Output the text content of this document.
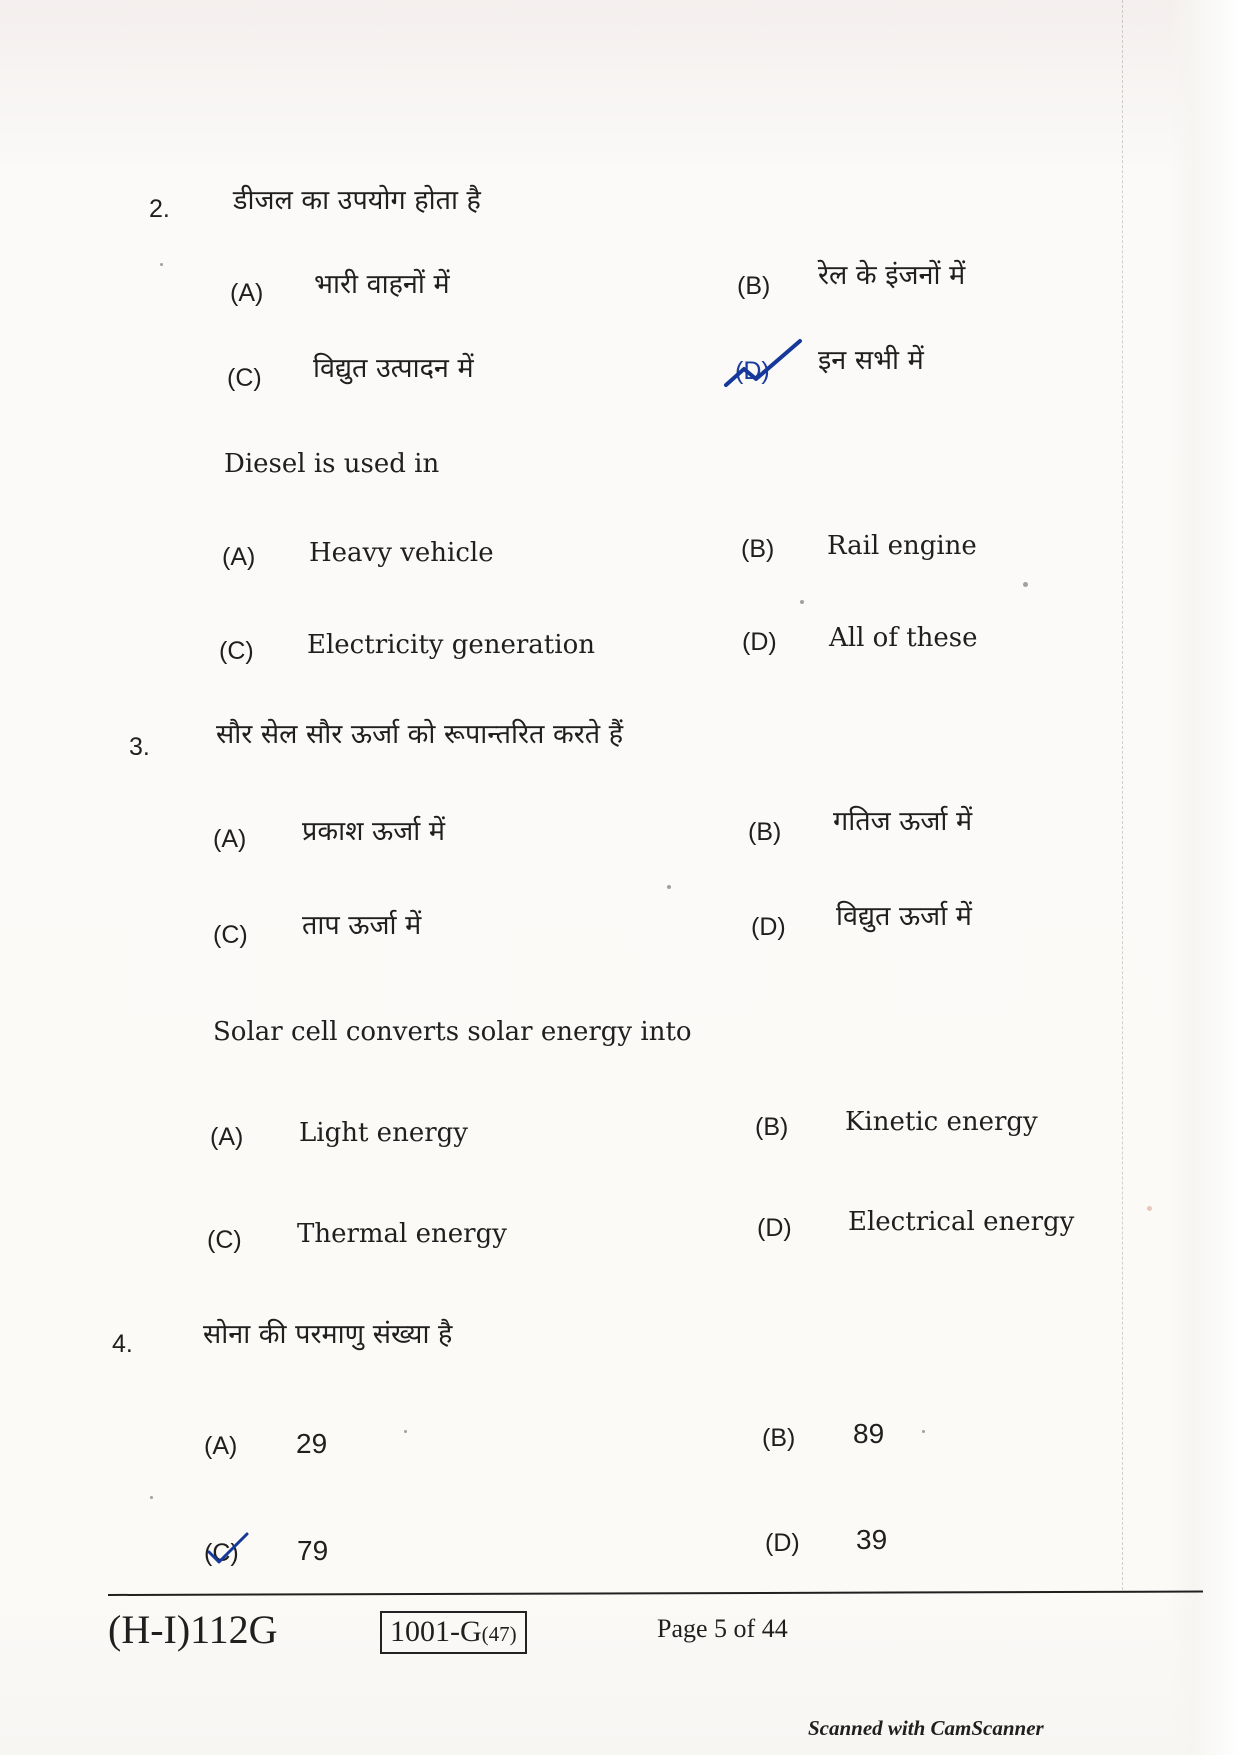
2. डीजल का उपयोग होता है
(A) भारी वाहनों में	(B) रेल के इंजनों में
(C) विद्युत उत्पादन में	(D) इन सभी में
Diesel is used in
(A) Heavy vehicle	(B) Rail engine
(C) Electricity generation	(D) All of these
3. सौर सेल सौर ऊर्जा को रूपान्तरित करते हैं
(A) प्रकाश ऊर्जा में	(B) गतिज ऊर्जा में
(C) ताप ऊर्जा में	(D) विद्युत ऊर्जा में
Solar cell converts solar energy into
(A) Light energy	(B) Kinetic energy
(C) Thermal energy	(D) Electrical energy
4.	सोना की परमाणु संख्या है
(A) 29	(B) 89
(C) 79	(D) 39
(H-I)112G	1001-G(47)	Page 5 of 44
Scanned with CamScanner
